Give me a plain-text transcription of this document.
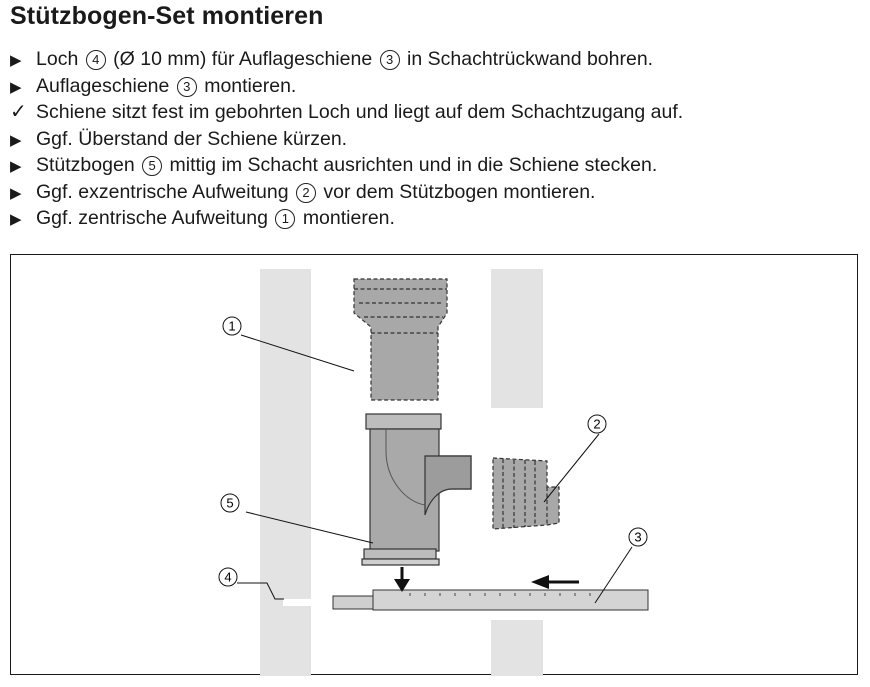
Stützbogen-Set montieren
▶ Loch 4 (Ø 10 mm) für Auflageschiene 3 in Schachtrückwand bohren.
▶ Auflageschiene 3 montieren.
✓ Schiene sitzt fest im gebohrten Loch und liegt auf dem Schachtzugang auf.
▶ Ggf. Überstand der Schiene kürzen.
▶ Stützbogen 5 mittig im Schacht ausrichten und in die Schiene stecken.
▶ Ggf. exzentrische Aufweitung 2 vor dem Stützbogen montieren.
▶ Ggf. zentrische Aufweitung 1 montieren.
1
2
5
3
4
